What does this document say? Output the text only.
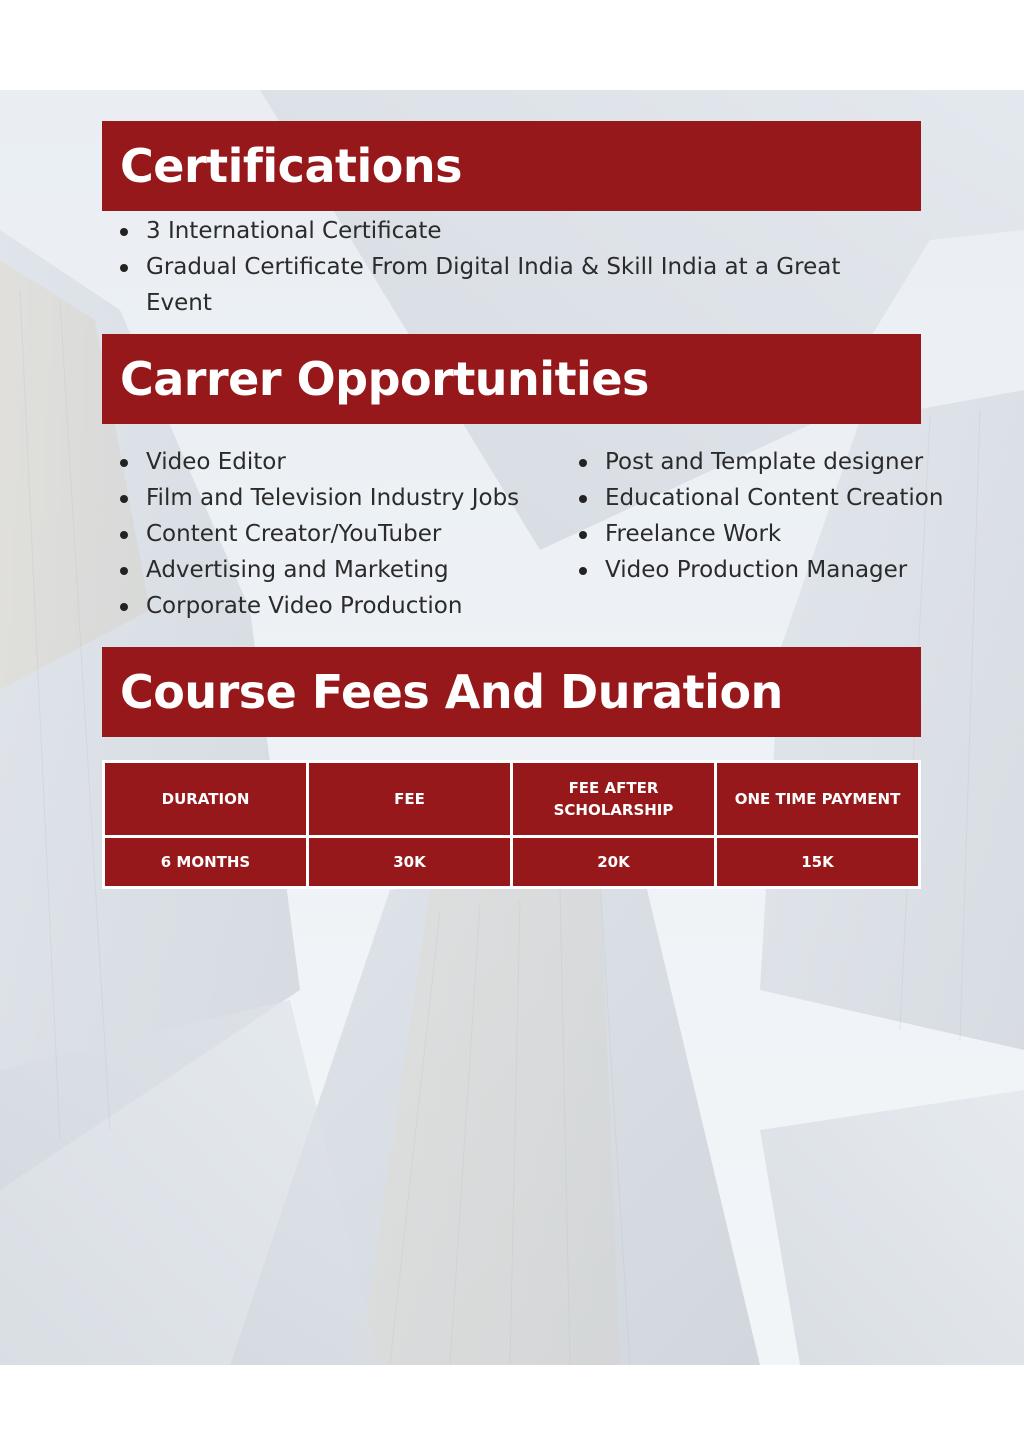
Certifications
3 International Certificate
Gradual Certificate From Digital India & Skill India at a Great Event
Carrer Opportunities
Video Editor
Film and Television Industry Jobs
Content Creator/YouTuber
Advertising and Marketing
Corporate Video Production
Post and Template designer
Educational Content Creation
Freelance Work
Video Production Manager
Course Fees And Duration
DURATION	FEE	FEE AFTER SCHOLARSHIP	ONE TIME PAYMENT
6 MONTHS	30K	20K	15K
